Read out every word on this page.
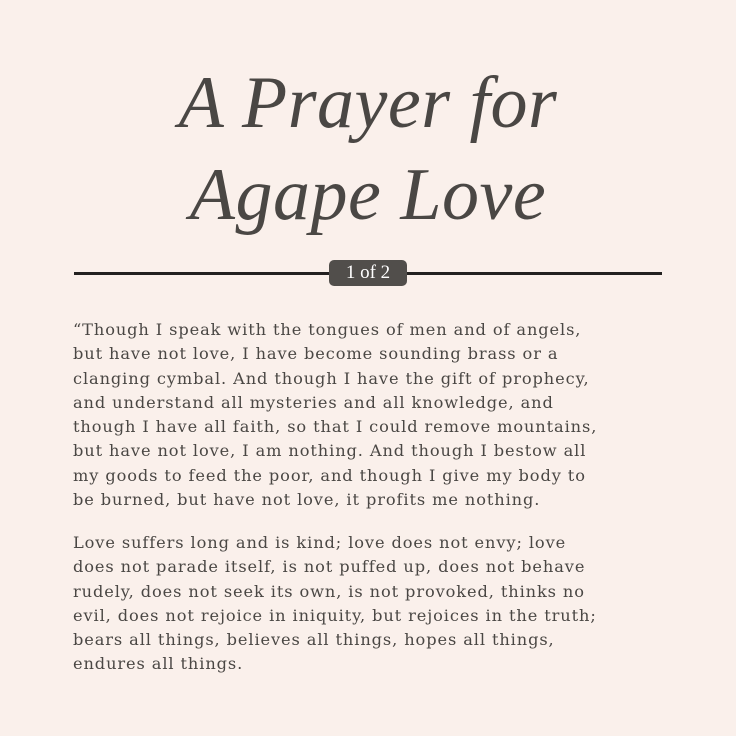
A Prayer for
Agape Love
1 of 2
“Though I speak with the tongues of men and of angels,
but have not love, I have become sounding brass or a
clanging cymbal. And though I have the gift of prophecy,
and understand all mysteries and all knowledge, and
though I have all faith, so that I could remove mountains,
but have not love, I am nothing. And though I bestow all
my goods to feed the poor, and though I give my body to
be burned, but have not love, it profits me nothing.
Love suffers long and is kind; love does not envy; love
does not parade itself, is not puffed up, does not behave
rudely, does not seek its own, is not provoked, thinks no
evil, does not rejoice in iniquity, but rejoices in the truth;
bears all things, believes all things, hopes all things,
endures all things.
